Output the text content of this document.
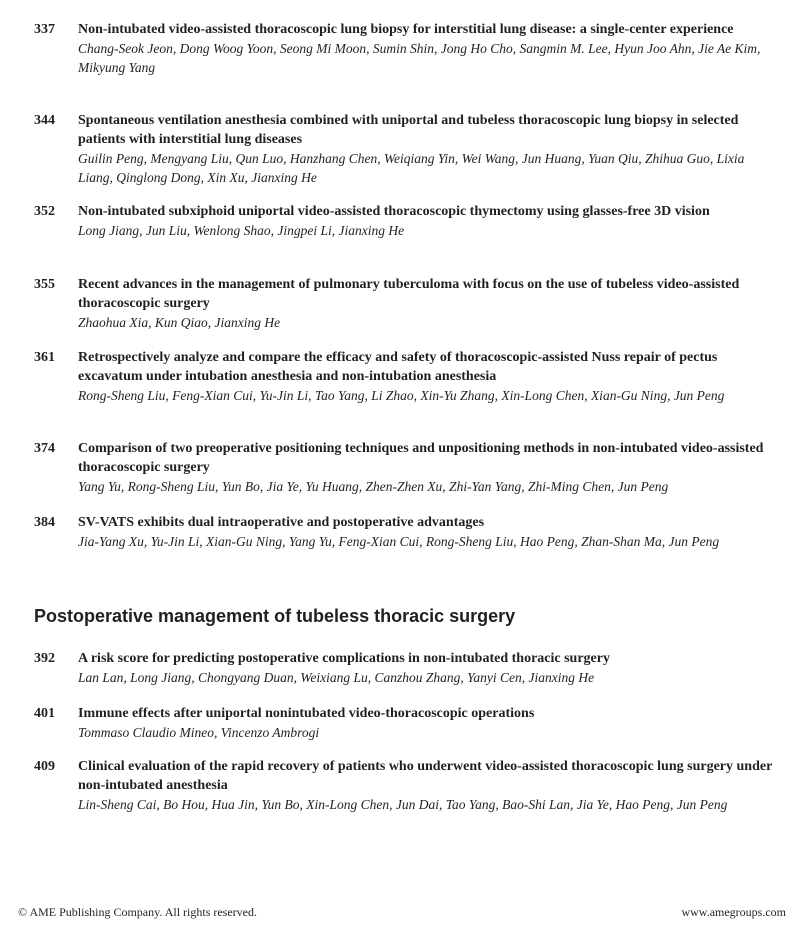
337 Non-intubated video-assisted thoracoscopic lung biopsy for interstitial lung disease: a single-center experience

Chang-Seok Jeon, Dong Woog Yoon, Seong Mi Moon, Sumin Shin, Jong Ho Cho, Sangmin M. Lee, Hyun Joo Ahn, Jie Ae Kim, Mikyung Yang

344 Spontaneous ventilation anesthesia combined with uniportal and tubeless thoracoscopic lung biopsy in selected patients with interstitial lung diseases

Guilin Peng, Mengyang Liu, Qun Luo, Hanzhang Chen, Weiqiang Yin, Wei Wang, Jun Huang, Yuan Qiu, Zhihua Guo, Lixia Liang, Qinglong Dong, Xin Xu, Jianxing He

352 Non-intubated subxiphoid uniportal video-assisted thoracoscopic thymectomy using glasses-free 3D vision

Long Jiang, Jun Liu, Wenlong Shao, Jingpei Li, Jianxing He

355 Recent advances in the management of pulmonary tuberculoma with focus on the use of tubeless video-assisted thoracoscopic surgery

Zhaohua Xia, Kun Qiao, Jianxing He

361 Retrospectively analyze and compare the efficacy and safety of thoracoscopic-assisted Nuss repair of pectus excavatum under intubation anesthesia and non-intubation anesthesia

Rong-Sheng Liu, Feng-Xian Cui, Yu-Jin Li, Tao Yang, Li Zhao, Xin-Yu Zhang, Xin-Long Chen, Xian-Gu Ning, Jun Peng

374 Comparison of two preoperative positioning techniques and unpositioning methods in non-intubated video-assisted thoracoscopic surgery

Yang Yu, Rong-Sheng Liu, Yun Bo, Jia Ye, Yu Huang, Zhen-Zhen Xu, Zhi-Yan Yang, Zhi-Ming Chen, Jun Peng

384 SV-VATS exhibits dual intraoperative and postoperative advantages

Jia-Yang Xu, Yu-Jin Li, Xian-Gu Ning, Yang Yu, Feng-Xian Cui, Rong-Sheng Liu, Hao Peng, Zhan-Shan Ma, Jun Peng

Postoperative management of tubeless thoracic surgery
392 A risk score for predicting postoperative complications in non-intubated thoracic surgery

Lan Lan, Long Jiang, Chongyang Duan, Weixiang Lu, Canzhou Zhang, Yanyi Cen, Jianxing He

401 Immune effects after uniportal nonintubated video-thoracoscopic operations

Tommaso Claudio Mineo, Vincenzo Ambrogi

409 Clinical evaluation of the rapid recovery of patients who underwent video-assisted thoracoscopic lung surgery under non-intubated anesthesia

Lin-Sheng Cai, Bo Hou, Hua Jin, Yun Bo, Xin-Long Chen, Jun Dai, Tao Yang, Bao-Shi Lan, Jia Ye, Hao Peng, Jun Peng

© AME Publishing Company. All rights reserved.	www.amegroups.com
